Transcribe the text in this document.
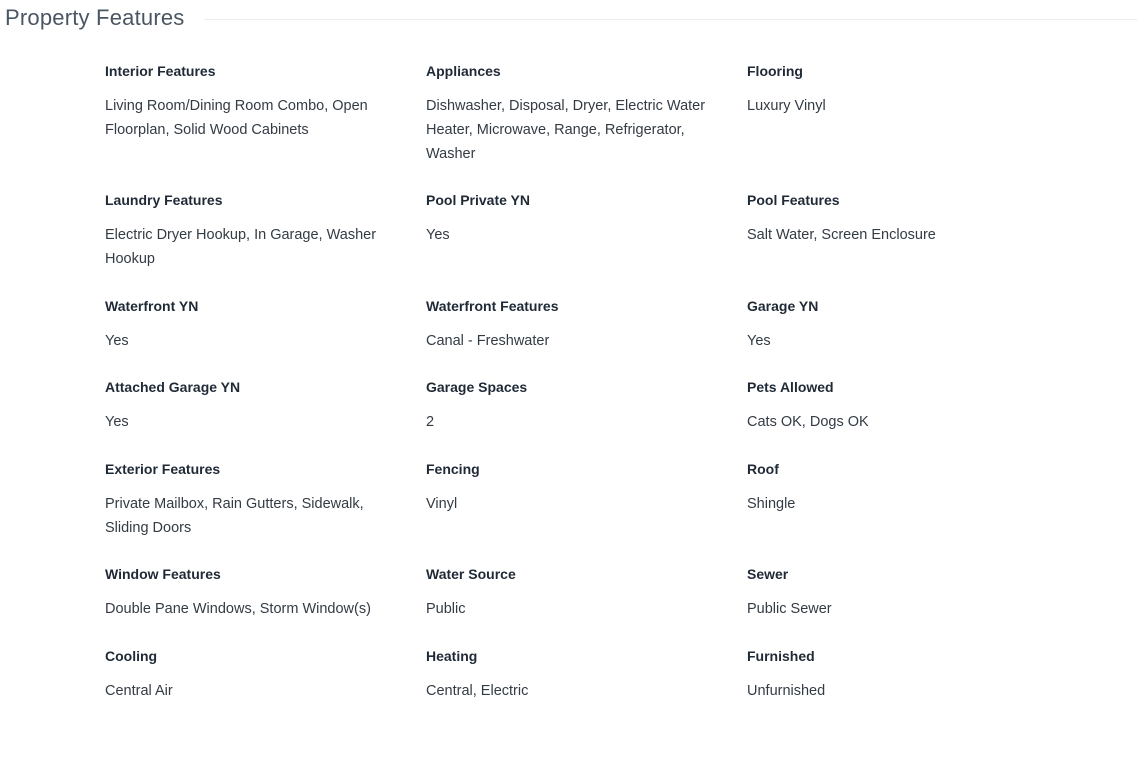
Property Features
Interior Features
Living Room/Dining Room Combo, Open Floorplan, Solid Wood Cabinets
Appliances
Dishwasher, Disposal, Dryer, Electric Water Heater, Microwave, Range, Refrigerator, Washer
Flooring
Luxury Vinyl
Laundry Features
Electric Dryer Hookup, In Garage, Washer Hookup
Pool Private YN
Yes
Pool Features
Salt Water, Screen Enclosure
Waterfront YN
Yes
Waterfront Features
Canal - Freshwater
Garage YN
Yes
Attached Garage YN
Yes
Garage Spaces
2
Pets Allowed
Cats OK, Dogs OK
Exterior Features
Private Mailbox, Rain Gutters, Sidewalk, Sliding Doors
Fencing
Vinyl
Roof
Shingle
Window Features
Double Pane Windows, Storm Window(s)
Water Source
Public
Sewer
Public Sewer
Cooling
Central Air
Heating
Central, Electric
Furnished
Unfurnished
